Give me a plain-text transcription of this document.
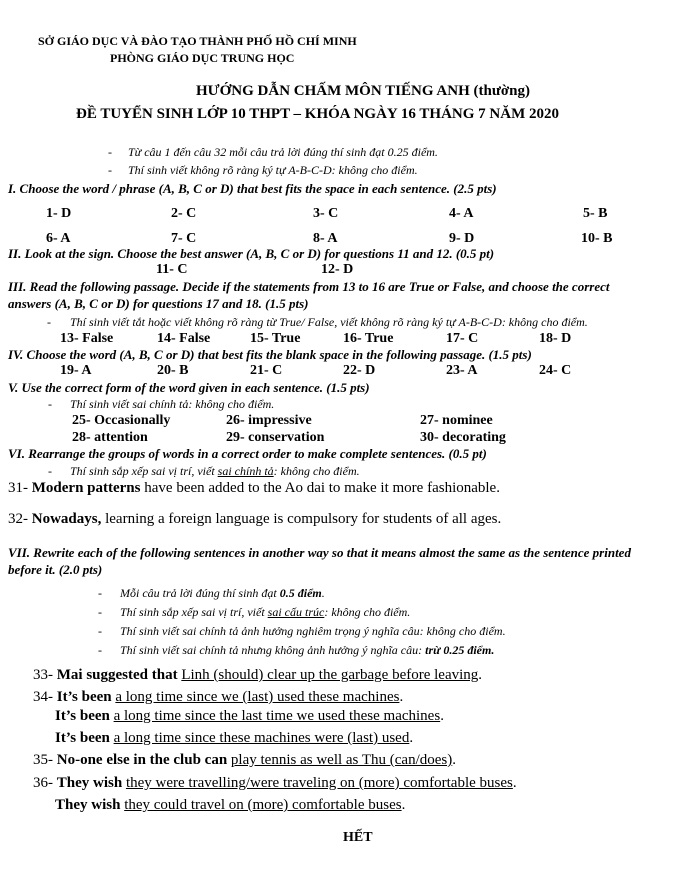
SỞ GIÁO DỤC VÀ ĐÀO TẠO THÀNH PHỐ HỒ CHÍ MINH
PHÒNG GIÁO DỤC TRUNG HỌC
HƯỚNG DẪN CHẤM MÔN TIẾNG ANH (thường)
ĐỀ TUYỂN SINH LỚP 10 THPT – KHÓA NGÀY 16 THÁNG 7 NĂM 2020
- Từ câu 1 đến câu 32 mỗi câu trả lời đúng thí sinh đạt 0.25 điểm.
- Thí sinh viết không rõ ràng ký tự A-B-C-D: không cho điểm.
I. Choose the word / phrase (A, B, C or D) that best fits the space in each sentence. (2.5 pts)
1- D	2- C	3- C	4- A	5- B
6- A	7- C	8- A	9- D	10- B
II. Look at the sign. Choose the best answer (A, B, C or D) for questions 11 and 12. (0.5 pt)
11- C	12- D
III. Read the following passage. Decide if the statements from 13 to 16 are True or False, and choose the correct
answers (A, B, C or D) for questions 17 and 18. (1.5 pts)
- Thí sinh viết tắt hoặc viết không rõ ràng từ True/ False, viết không rõ ràng ký tự A-B-C-D: không cho điểm.
13- False	14- False	15- True	16- True	17- C	18- D
IV. Choose the word (A, B, C or D) that best fits the blank space in the following passage. (1.5 pts)
19- A	20- B	21- C	22- D	23- A	24- C
V. Use the correct form of the word given in each sentence. (1.5 pts)
- Thí sinh viết sai chính tả: không cho điểm.
25- Occasionally	26- impressive	27- nominee
28- attention	29- conservation	30- decorating
VI. Rearrange the groups of words in a correct order to make complete sentences. (0.5 pt)
- Thí sinh sắp xếp sai vị trí, viết sai chính tả: không cho điểm.
31- Modern patterns have been added to the Ao dai to make it more fashionable.
32- Nowadays, learning a foreign language is compulsory for students of all ages.
VII. Rewrite each of the following sentences in another way so that it means almost the same as the sentence printed
before it. (2.0 pts)
- Mỗi câu trả lời đúng thí sinh đạt 0.5 điểm.
- Thí sinh sắp xếp sai vị trí, viết sai cấu trúc: không cho điểm.
- Thí sinh viết sai chính tả ảnh hưởng nghiêm trọng ý nghĩa câu: không cho điểm.
- Thí sinh viết sai chính tả nhưng không ảnh hưởng ý nghĩa câu: trừ 0.25 điểm.
33- Mai suggested that Linh (should) clear up the garbage before leaving.
34- It’s been a long time since we (last) used these machines.
It’s been a long time since the last time we used these machines.
It’s been a long time since these machines were (last) used.
35- No-one else in the club can play tennis as well as Thu (can/does).
36- They wish they were travelling/were traveling on (more) comfortable buses.
They wish they could travel on (more) comfortable buses.
HẾT
